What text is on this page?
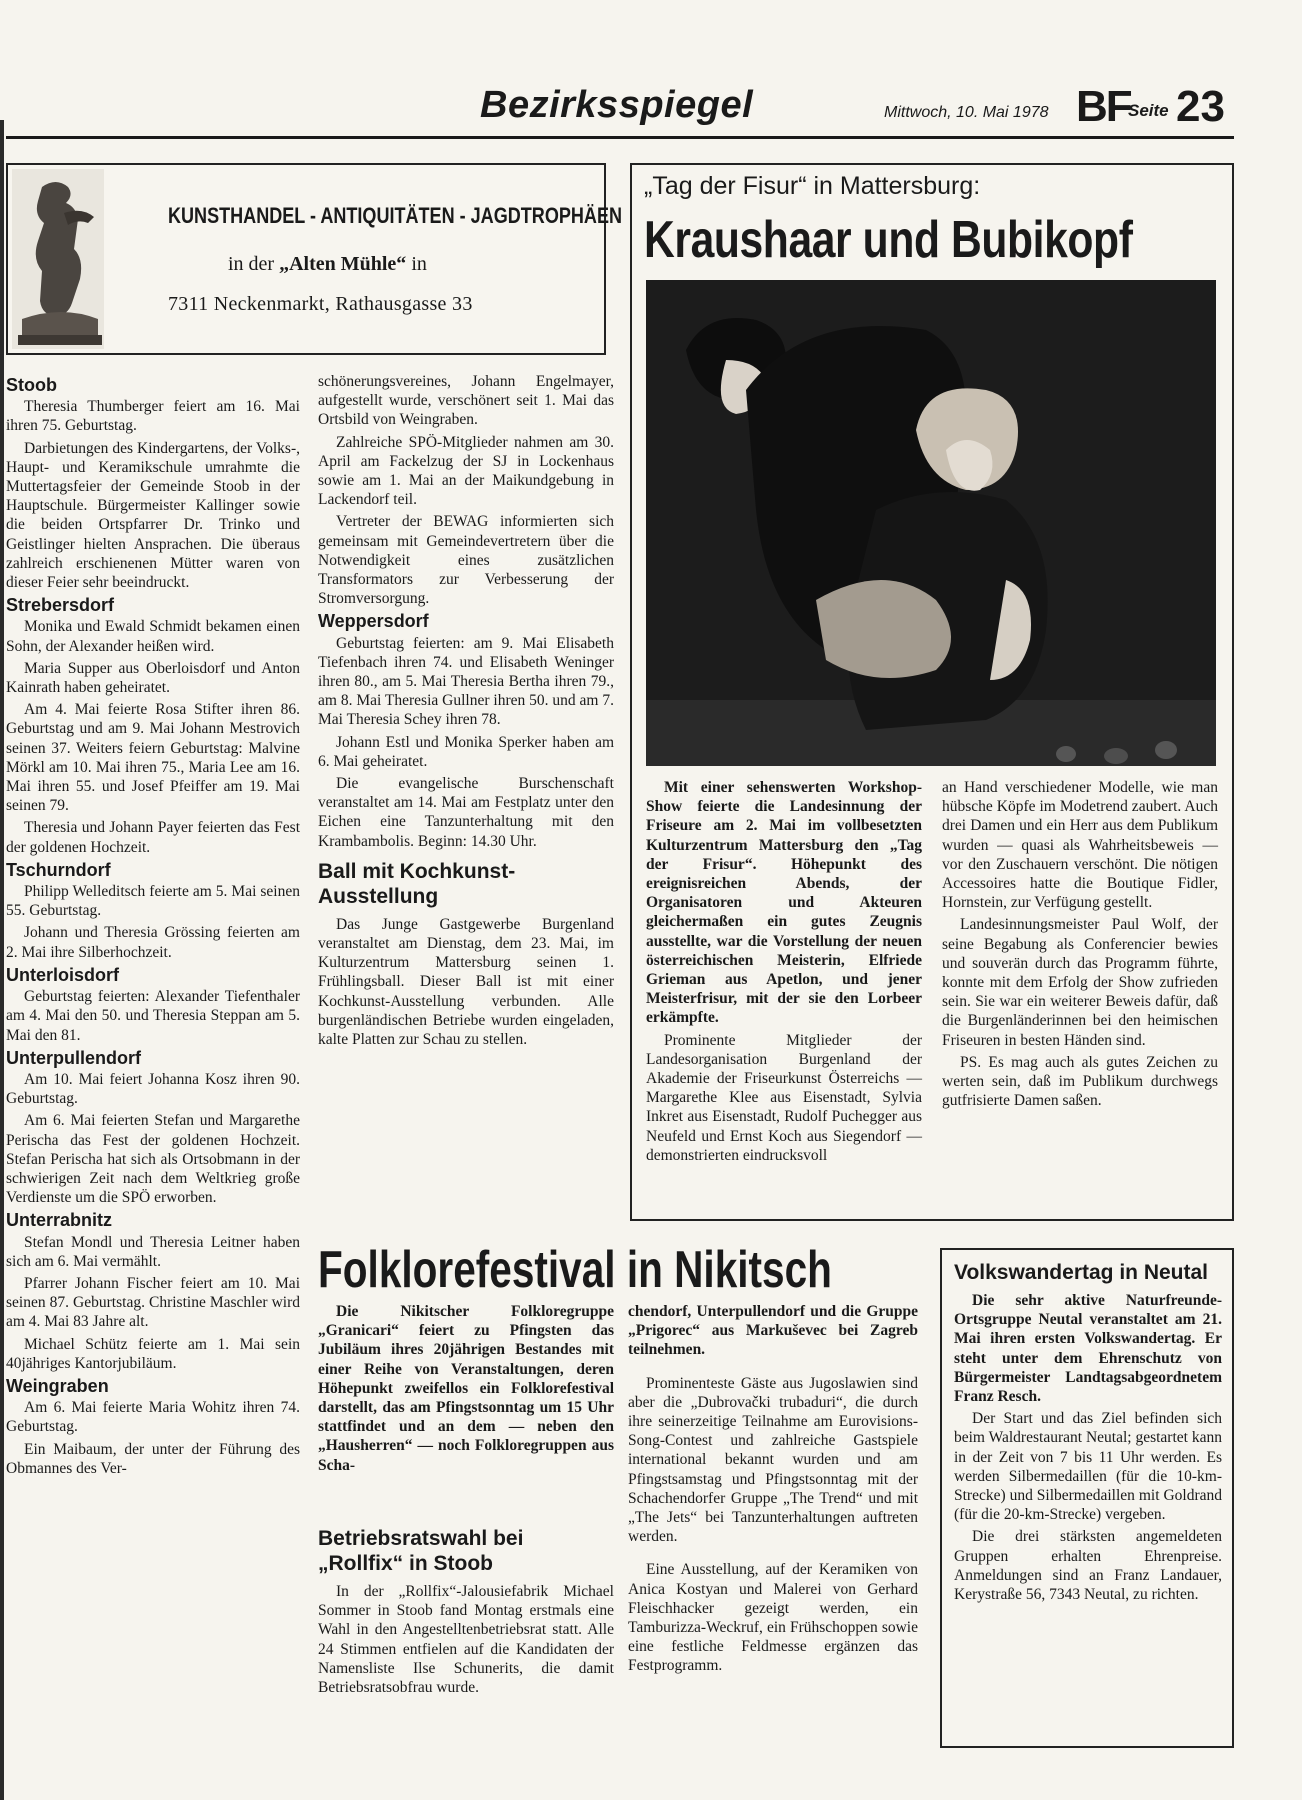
Bezirksspiegel	Mittwoch, 10. Mai 1978 BF
Seite 23
KUNSTHANDEL - ANTIQUITÄTEN - JAGDTROPHÄEN
in der „Alten Mühle“ in
7311 Neckenmarkt, Rathausgasse 33
Stoob

Theresia Thumberger feiert am 16. Mai ihren 75. Geburtstag.

Darbietungen des Kindergartens, der Volks-, Haupt- und Keramikschule umrahmte die Muttertagsfeier der Gemeinde Stoob in der Hauptschule. Bürgermeister Kallinger sowie die beiden Ortspfarrer Dr. Trinko und Geistlinger hielten Ansprachen. Die überaus zahlreich erschienenen Mütter waren von dieser Feier sehr beeindruckt.

Strebersdorf

Monika und Ewald Schmidt bekamen einen Sohn, der Alexander heißen wird.

Maria Supper aus Oberloisdorf und Anton Kainrath haben geheiratet.

Am 4. Mai feierte Rosa Stifter ihren 86. Geburtstag und am 9. Mai Johann Mestrovich seinen 37. Weiters feiern Geburtstag: Malvine Mörkl am 10. Mai ihren 75., Maria Lee am 16. Mai ihren 55. und Josef Pfeiffer am 19. Mai seinen 79.

Theresia und Johann Payer feierten das Fest der goldenen Hochzeit.

Tschurndorf

Philipp Welleditsch feierte am 5. Mai seinen 55. Geburtstag.

Johann und Theresia Grössing feierten am 2. Mai ihre Silberhochzeit.

Unterloisdorf

Geburtstag feierten: Alexander Tiefenthaler am 4. Mai den 50. und Theresia Steppan am 5. Mai den 81.

Unterpullendorf

Am 10. Mai feiert Johanna Kosz ihren 90. Geburtstag.

Am 6. Mai feierten Stefan und Margarethe Perischa das Fest der goldenen Hochzeit. Stefan Perischa hat sich als Ortsobmann in der schwierigen Zeit nach dem Weltkrieg große Verdienste um die SPÖ erworben.

Unterrabnitz

Stefan Mondl und Theresia Leitner haben sich am 6. Mai vermählt.

Pfarrer Johann Fischer feiert am 10. Mai seinen 87. Geburtstag. Christine Maschler wird am 4. Mai 83 Jahre alt.

Michael Schütz feierte am 1. Mai sein 40jähriges Kantorjubiläum.

Weingraben

Am 6. Mai feierte Maria Wohitz ihren 74. Geburtstag.

Ein Maibaum, der unter der Führung des Obmannes des Ver-

schönerungsvereines, Johann Engelmayer, aufgestellt wurde, verschönert seit 1. Mai das Ortsbild von Weingraben.

Zahlreiche SPÖ-Mitglieder nahmen am 30. April am Fackelzug der SJ in Lockenhaus sowie am 1. Mai an der Maikundgebung in Lackendorf teil.

Vertreter der BEWAG informierten sich gemeinsam mit Gemeindevertretern über die Notwendigkeit eines zusätzlichen Transformators zur Verbesserung der Stromversorgung.

Weppersdorf

Geburtstag feierten: am 9. Mai Elisabeth Tiefenbach ihren 74. und Elisabeth Weninger ihren 80., am 5. Mai Theresia Bertha ihren 79., am 8. Mai Theresia Gullner ihren 50. und am 7. Mai Theresia Schey ihren 78.

Johann Estl und Monika Sperker haben am 6. Mai geheiratet.

Die evangelische Burschenschaft veranstaltet am 14. Mai am Festplatz unter den Eichen eine Tanzunterhaltung mit den Krambambolis. Beginn: 14.30 Uhr.

Ball mit Kochkunst-Ausstellung

Das Junge Gastgewerbe Burgenland veranstaltet am Dienstag, dem 23. Mai, im Kulturzentrum Mattersburg seinen 1. Frühlingsball. Dieser Ball ist mit einer Kochkunst-Ausstellung verbunden. Alle burgenländischen Betriebe wurden eingeladen, kalte Platten zur Schau zu stellen.

„Tag der Fisur“ in Mattersburg:
Kraushaar und Bubikopf

Mit einer sehenswerten Workshop-Show feierte die Landesinnung der Friseure am 2. Mai im vollbesetzten Kulturzentrum Mattersburg den „Tag der Frisur“. Höhepunkt des ereignisreichen Abends, der Organisatoren und Akteuren gleichermaßen ein gutes Zeugnis ausstellte, war die Vorstellung der neuen österreichischen Meisterin, Elfriede Grieman aus Apetlon, und jener Meisterfrisur, mit der sie den Lorbeer erkämpfte.

Prominente Mitglieder der Landesorganisation Burgenland der Akademie der Friseurkunst Österreichs — Margarethe Klee aus Eisenstadt, Sylvia Inkret aus Eisenstadt, Rudolf Puchegger aus Neufeld und Ernst Koch aus Siegendorf — demonstrierten eindrucksvoll

an Hand verschiedener Modelle, wie man hübsche Köpfe im Modetrend zaubert. Auch drei Damen und ein Herr aus dem Publikum wurden — quasi als Wahrheitsbeweis — vor den Zuschauern verschönt. Die nötigen Accessoires hatte die Boutique Fidler, Hornstein, zur Verfügung gestellt.

Landesinnungsmeister Paul Wolf, der seine Begabung als Conferencier bewies und souverän durch das Programm führte, konnte mit dem Erfolg der Show zufrieden sein. Sie war ein weiterer Beweis dafür, daß die Burgenländerinnen bei den heimischen Friseuren in besten Händen sind.

PS. Es mag auch als gutes Zeichen zu werten sein, daß im Publikum durchwegs gutfrisierte Damen saßen.

Folklorefestival in Nikitsch

Die Nikitscher Folkloregruppe „Granicari“ feiert zu Pfingsten das Jubiläum ihres 20jährigen Bestandes mit einer Reihe von Veranstaltungen, deren Höhepunkt zweifellos ein Folklorefestival darstellt, das am Pfingstsonntag um 15 Uhr stattfindet und an dem — neben den „Hausherren“ — noch Folkloregruppen aus Scha-

chendorf, Unterpullendorf und die Gruppe „Prigorec“ aus Markuševec bei Zagreb teilnehmen.

Prominenteste Gäste aus Jugoslawien sind aber die „Dubrovački trubaduri“, die durch ihre seinerzeitige Teilnahme am Eurovisions-Song-Contest und zahlreiche Gastspiele international bekannt wurden und am Pfingstsamstag und Pfingstsonntag mit der Schachendorfer Gruppe „The Trend“ und mit „The Jets“ bei Tanzunterhaltungen auftreten werden.

Eine Ausstellung, auf der Keramiken von Anica Kostyan und Malerei von Gerhard Fleischhacker gezeigt werden, ein Tamburizza-Weckruf, ein Frühschoppen sowie eine festliche Feldmesse ergänzen das Festprogramm.

Betriebsratswahl bei „Rollfix“ in Stoob

In der „Rollfix“-Jalousiefabrik Michael Sommer in Stoob fand Montag erstmals eine Wahl in den Angestelltenbetriebsrat statt. Alle 24 Stimmen entfielen auf die Kandidaten der Namensliste Ilse Schunerits, die damit Betriebsratsobfrau wurde.

Volkswandertag in Neutal

Die sehr aktive Naturfreunde-Ortsgruppe Neutal veranstaltet am 21. Mai ihren ersten Volkswandertag. Er steht unter dem Ehrenschutz von Bürgermeister Landtagsabgeordnetem Franz Resch.

Der Start und das Ziel befinden sich beim Waldrestaurant Neutal; gestartet kann in der Zeit von 7 bis 11 Uhr werden. Es werden Silbermedaillen (für die 10-km-Strecke) und Silbermedaillen mit Goldrand (für die 20-km-Strecke) vergeben.

Die drei stärksten angemeldeten Gruppen erhalten Ehrenpreise. Anmeldungen sind an Franz Landauer, Kerystraße 56, 7343 Neutal, zu richten.
